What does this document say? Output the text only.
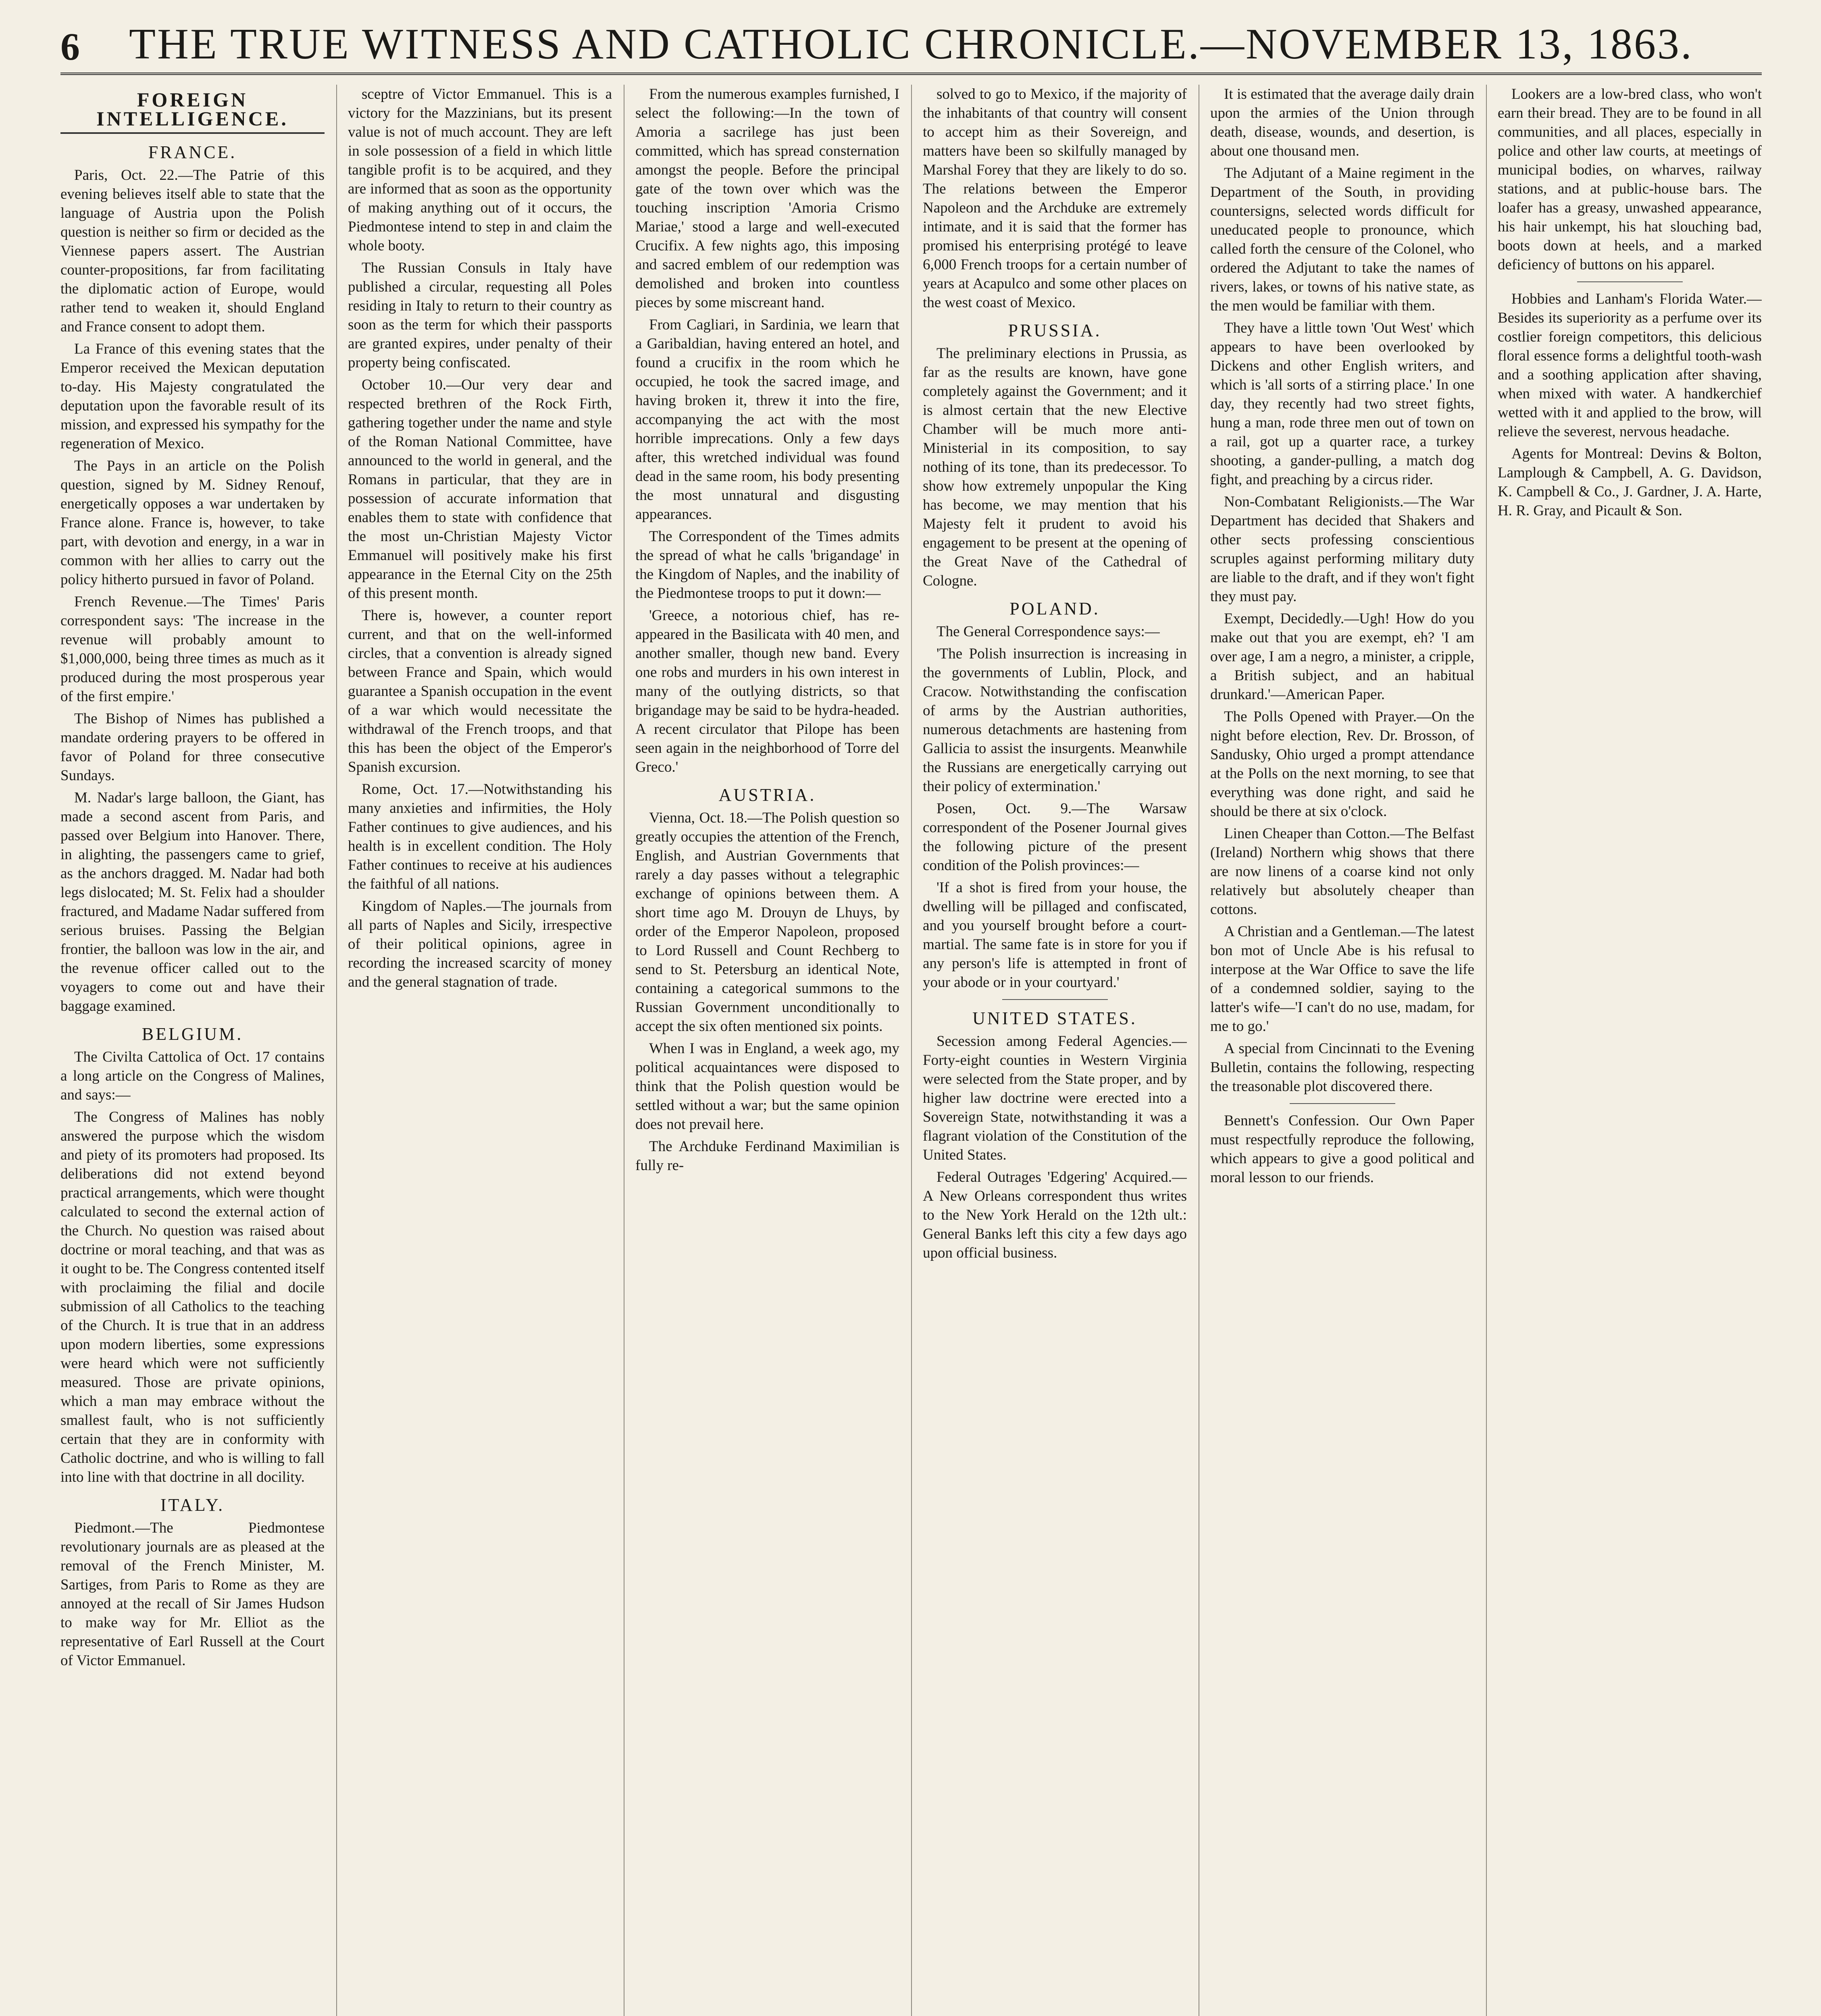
6	THE TRUE WITNESS AND CATHOLIC CHRONICLE.—NOVEMBER 13, 1863.
FOREIGN INTELLIGENCE.
FRANCE.

Paris, Oct. 22.—The Patrie of this evening believes itself able to state that the language of Austria upon the Polish question is neither so firm or decided as the Viennese papers assert. The Austrian counter-propositions, far from facilitating the diplomatic action of Europe, would rather tend to weaken it, should England and France consent to adopt them.

La France of this evening states that the Emperor received the Mexican deputation to-day. His Majesty congratulated the deputation upon the favorable result of its mission, and expressed his sympathy for the regeneration of Mexico.

The Pays in an article on the Polish question, signed by M. Sidney Renouf, energetically opposes a war undertaken by France alone. France is, however, to take part, with devotion and energy, in a war in common with her allies to carry out the policy hitherto pursued in favor of Poland.

French Revenue.—The Times' Paris correspondent says: 'The increase in the revenue will probably amount to $1,000,000, being three times as much as it produced during the most prosperous year of the first empire.'

The Bishop of Nimes has published a mandate ordering prayers to be offered in favor of Poland for three consecutive Sundays.

M. Nadar's large balloon, the Giant, has made a second ascent from Paris, and passed over Belgium into Hanover. There, in alighting, the passengers came to grief, as the anchors dragged. M. Nadar had both legs dislocated; M. St. Felix had a shoulder fractured, and Madame Nadar suffered from serious bruises. Passing the Belgian frontier, the balloon was low in the air, and the revenue officer called out to the voyagers to come out and have their baggage examined.

BELGIUM.

The Civilta Cattolica of Oct. 17 contains a long article on the Congress of Malines, and says:—

The Congress of Malines has nobly answered the purpose which the wisdom and piety of its promoters had proposed. Its deliberations did not extend beyond practical arrangements, which were thought calculated to second the external action of the Church. No question was raised about doctrine or moral teaching, and that was as it ought to be. The Congress contented itself with proclaiming the filial and docile submission of all Catholics to the teaching of the Church. It is true that in an address upon modern liberties, some expressions were heard which were not sufficiently measured. Those are private opinions, which a man may embrace without the smallest fault, who is not sufficiently certain that they are in conformity with Catholic doctrine, and who is willing to fall into line with that doctrine in all docility.

ITALY.

Piedmont.—The Piedmontese revolutionary journals are as pleased at the removal of the French Minister, M. Sartiges, from Paris to Rome as they are annoyed at the recall of Sir James Hudson to make way for Mr. Elliot as the representative of Earl Russell at the Court of Victor Emmanuel.

sceptre of Victor Emmanuel. This is a victory for the Mazzinians, but its present value is not of much account. They are left in sole possession of a field in which little tangible profit is to be acquired, and they are informed that as soon as the opportunity of making anything out of it occurs, the Piedmontese intend to step in and claim the whole booty.

The Russian Consuls in Italy have published a circular, requesting all Poles residing in Italy to return to their country as soon as the term for which their passports are granted expires, under penalty of their property being confiscated.

October 10.—Our very dear and respected brethren of the Rock Firth, gathering together under the name and style of the Roman National Committee, have announced to the world in general, and the Romans in particular, that they are in possession of accurate information that enables them to state with confidence that the most un-Christian Majesty Victor Emmanuel will positively make his first appearance in the Eternal City on the 25th of this present month.

There is, however, a counter report current, and that on the well-informed circles, that a convention is already signed between France and Spain, which would guarantee a Spanish occupation in the event of a war which would necessitate the withdrawal of the French troops, and that this has been the object of the Emperor's Spanish excursion.

Rome, Oct. 17.—Notwithstanding his many anxieties and infirmities, the Holy Father continues to give audiences, and his health is in excellent condition. The Holy Father continues to receive at his audiences the faithful of all nations.

Kingdom of Naples.—The journals from all parts of Naples and Sicily, irrespective of their political opinions, agree in recording the increased scarcity of money and the general stagnation of trade.

From the numerous examples furnished, I select the following:—In the town of Amoria a sacrilege has just been committed, which has spread consternation amongst the people. Before the principal gate of the town over which was the touching inscription 'Amoria Crismo Mariae,' stood a large and well-executed Crucifix. A few nights ago, this imposing and sacred emblem of our redemption was demolished and broken into countless pieces by some miscreant hand.

From Cagliari, in Sardinia, we learn that a Garibaldian, having entered an hotel, and found a crucifix in the room which he occupied, he took the sacred image, and having broken it, threw it into the fire, accompanying the act with the most horrible imprecations. Only a few days after, this wretched individual was found dead in the same room, his body presenting the most unnatural and disgusting appearances.

The Correspondent of the Times admits the spread of what he calls 'brigandage' in the Kingdom of Naples, and the inability of the Piedmontese troops to put it down:—

'Greece, a notorious chief, has re-appeared in the Basilicata with 40 men, and another smaller, though new band. Every one robs and murders in his own interest in many of the outlying districts, so that brigandage may be said to be hydra-headed. A recent circulator that Pilope has been seen again in the neighborhood of Torre del Greco.'

AUSTRIA.

Vienna, Oct. 18.—The Polish question so greatly occupies the attention of the French, English, and Austrian Governments that rarely a day passes without a telegraphic exchange of opinions between them. A short time ago M. Drouyn de Lhuys, by order of the Emperor Napoleon, proposed to Lord Russell and Count Rechberg to send to St. Petersburg an identical Note, containing a categorical summons to the Russian Government unconditionally to accept the six often mentioned six points.

When I was in England, a week ago, my political acquaintances were disposed to think that the Polish question would be settled without a war; but the same opinion does not prevail here.

The Archduke Ferdinand Maximilian is fully re-

solved to go to Mexico, if the majority of the inhabitants of that country will consent to accept him as their Sovereign, and matters have been so skilfully managed by Marshal Forey that they are likely to do so. The relations between the Emperor Napoleon and the Archduke are extremely intimate, and it is said that the former has promised his enterprising protégé to leave 6,000 French troops for a certain number of years at Acapulco and some other places on the west coast of Mexico.

PRUSSIA.

The preliminary elections in Prussia, as far as the results are known, have gone completely against the Government; and it is almost certain that the new Elective Chamber will be much more anti-Ministerial in its composition, to say nothing of its tone, than its predecessor. To show how extremely unpopular the King has become, we may mention that his Majesty felt it prudent to avoid his engagement to be present at the opening of the Great Nave of the Cathedral of Cologne.

POLAND.

The General Correspondence says:—

'The Polish insurrection is increasing in the governments of Lublin, Plock, and Cracow. Notwithstanding the confiscation of arms by the Austrian authorities, numerous detachments are hastening from Gallicia to assist the insurgents. Meanwhile the Russians are energetically carrying out their policy of extermination.'

Posen, Oct. 9.—The Warsaw correspondent of the Posener Journal gives the following picture of the present condition of the Polish provinces:—

'If a shot is fired from your house, the dwelling will be pillaged and confiscated, and you yourself brought before a court-martial. The same fate is in store for you if any person's life is attempted in front of your abode or in your courtyard.'

UNITED STATES.

Secession among Federal Agencies.—Forty-eight counties in Western Virginia were selected from the State proper, and by higher law doctrine were erected into a Sovereign State, notwithstanding it was a flagrant violation of the Constitution of the United States.

Federal Outrages 'Edgering' Acquired.—A New Orleans correspondent thus writes to the New York Herald on the 12th ult.: General Banks left this city a few days ago upon official business.

It is estimated that the average daily drain upon the armies of the Union through death, disease, wounds, and desertion, is about one thousand men.

The Adjutant of a Maine regiment in the Department of the South, in providing countersigns, selected words difficult for uneducated people to pronounce, which called forth the censure of the Colonel, who ordered the Adjutant to take the names of rivers, lakes, or towns of his native state, as the men would be familiar with them.

They have a little town 'Out West' which appears to have been overlooked by Dickens and other English writers, and which is 'all sorts of a stirring place.' In one day, they recently had two street fights, hung a man, rode three men out of town on a rail, got up a quarter race, a turkey shooting, a gander-pulling, a match dog fight, and preaching by a circus rider.

Non-Combatant Religionists.—The War Department has decided that Shakers and other sects professing conscientious scruples against performing military duty are liable to the draft, and if they won't fight they must pay.

Exempt, Decidedly.—Ugh! How do you make out that you are exempt, eh? 'I am over age, I am a negro, a minister, a cripple, a British subject, and an habitual drunkard.'—American Paper.

The Polls Opened with Prayer.—On the night before election, Rev. Dr. Brosson, of Sandusky, Ohio urged a prompt attendance at the Polls on the next morning, to see that everything was done right, and said he should be there at six o'clock.

Linen Cheaper than Cotton.—The Belfast (Ireland) Northern whig shows that there are now linens of a coarse kind not only relatively but absolutely cheaper than cottons.

A Christian and a Gentleman.—The latest bon mot of Uncle Abe is his refusal to interpose at the War Office to save the life of a condemned soldier, saying to the latter's wife—'I can't do no use, madam, for me to go.'

A special from Cincinnati to the Evening Bulletin, contains the following, respecting the treasonable plot discovered there.

Bennett's Confession. Our Own Paper must respectfully reproduce the following, which appears to give a good political and moral lesson to our friends.

Lookers are a low-bred class, who won't earn their bread. They are to be found in all communities, and all places, especially in police and other law courts, at meetings of municipal bodies, on wharves, railway stations, and at public-house bars. The loafer has a greasy, unwashed appearance, his hair unkempt, his hat slouching bad, boots down at heels, and a marked deficiency of buttons on his apparel.

Hobbies and Lanham's Florida Water.—Besides its superiority as a perfume over its costlier foreign competitors, this delicious floral essence forms a delightful tooth-wash and a soothing application after shaving, when mixed with water. A handkerchief wetted with it and applied to the brow, will relieve the severest, nervous headache.

Agents for Montreal: Devins & Bolton, Lamplough & Campbell, A. G. Davidson, K. Campbell & Co., J. Gardner, J. A. Harte, H. R. Gray, and Picault & Son.
